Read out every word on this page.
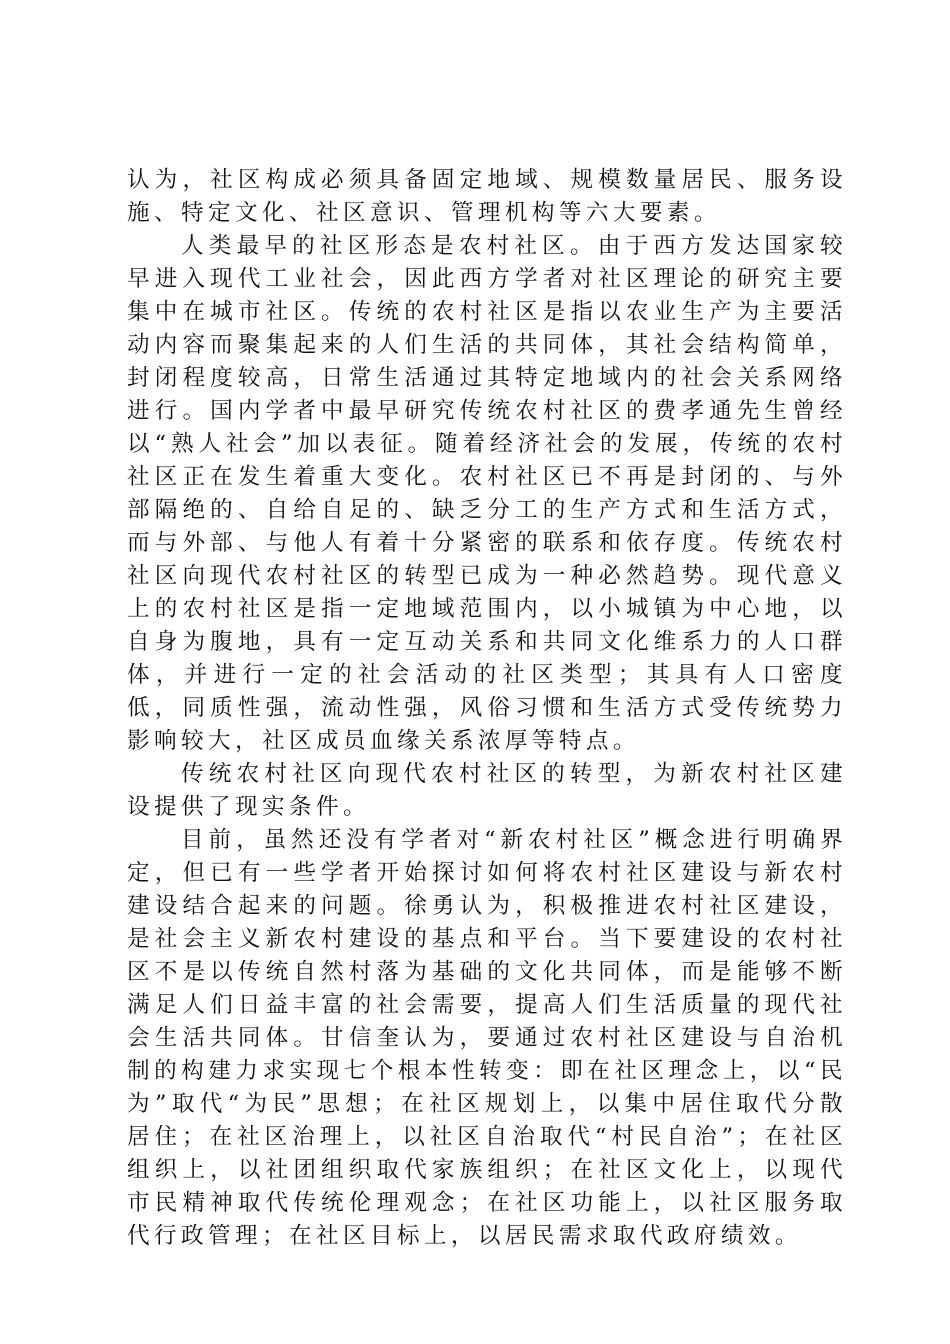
认为，社区构成必须具备固定地域、规模数量居民、服务设施、特定文化、社区意识、管理机构等六大要素。

人类最早的社区形态是农村社区。由于西方发达国家较早进入现代工业社会，因此西方学者对社区理论的研究主要集中在城市社区。传统的农村社区是指以农业生产为主要活动内容而聚集起来的人们生活的共同体，其社会结构简单，封闭程度较高，日常生活通过其特定地域内的社会关系网络进行。国内学者中最早研究传统农村社区的费孝通先生曾经以“熟人社会”加以表征。随着经济社会的发展，传统的农村社区正在发生着重大变化。农村社区已不再是封闭的、与外部隔绝的、自给自足的、缺乏分工的生产方式和生活方式，而与外部、与他人有着十分紧密的联系和依存度。传统农村社区向现代农村社区的转型已成为一种必然趋势。现代意义上的农村社区是指一定地域范围内，以小城镇为中心地，以自身为腹地，具有一定互动关系和共同文化维系力的人口群体，并进行一定的社会活动的社区类型；其具有人口密度低，同质性强，流动性强，风俗习惯和生活方式受传统势力影响较大，社区成员血缘关系浓厚等特点。

传统农村社区向现代农村社区的转型，为新农村社区建设提供了现实条件。

目前，虽然还没有学者对“新农村社区”概念进行明确界定，但已有一些学者开始探讨如何将农村社区建设与新农村建设结合起来的问题。徐勇认为，积极推进农村社区建设，是社会主义新农村建设的基点和平台。当下要建设的农村社区不是以传统自然村落为基础的文化共同体，而是能够不断满足人们日益丰富的社会需要，提高人们生活质量的现代社会生活共同体。甘信奎认为，要通过农村社区建设与自治机制的构建力求实现七个根本性转变：即在社区理念上，以“民为”取代“为民”思想；在社区规划上，以集中居住取代分散居住；在社区治理上，以社区自治取代“村民自治”；在社区组织上，以社团组织取代家族组织；在社区文化上，以现代市民精神取代传统伦理观念；在社区功能上，以社区服务取代行政管理；在社区目标上，以居民需求取代政府绩效。
